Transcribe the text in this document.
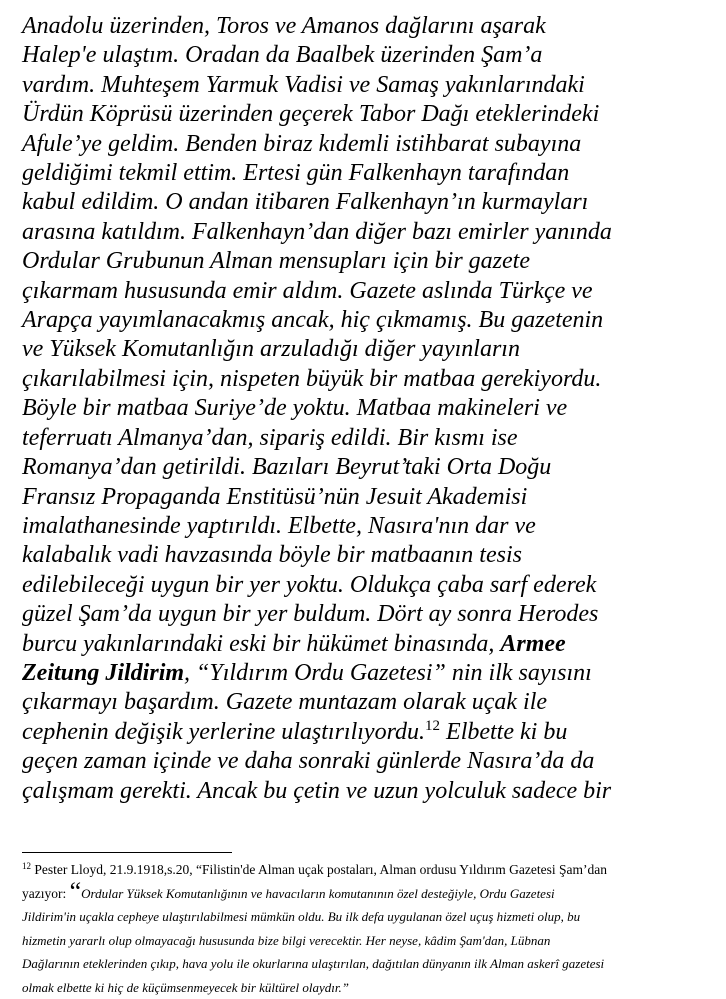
Anadolu üzerinden, Toros ve Amanos dağlarını aşarak
Halep'e ulaştım. Oradan da Baalbek üzerinden Şam’a
vardım. Muhteşem Yarmuk Vadisi ve Samaş yakınlarındaki
Ürdün Köprüsü üzerinden geçerek Tabor Dağı eteklerindeki
Afule’ye geldim. Benden biraz kıdemli istihbarat subayına
geldiğimi tekmil ettim. Ertesi gün Falkenhayn tarafından
kabul edildim. O andan itibaren Falkenhayn’ın kurmayları
arasına katıldım. Falkenhayn’dan diğer bazı emirler yanında
Ordular Grubunun Alman mensupları için bir gazete
çıkarmam hususunda emir aldım. Gazete aslında Türkçe ve
Arapça yayımlanacakmış ancak, hiç çıkmamış. Bu gazetenin
ve Yüksek Komutanlığın arzuladığı diğer yayınların
çıkarılabilmesi için, nispeten büyük bir matbaa gerekiyordu.
Böyle bir matbaa Suriye’de yoktu. Matbaa makineleri ve
teferruatı Almanya’dan, sipariş edildi. Bir kısmı ise
Romanya’dan getirildi. Bazıları Beyrut’taki Orta Doğu
Fransız Propaganda Enstitüsü’nün Jesuit Akademisi
imalathanesinde yaptırıldı. Elbette, Nasıra'nın dar ve
kalabalık vadi havzasında böyle bir matbaanın tesis
edilebileceği uygun bir yer yoktu. Oldukça çaba sarf ederek
güzel Şam’da uygun bir yer buldum. Dört ay sonra Herodes
burcu yakınlarındaki eski bir hükümet binasında, Armee
Zeitung Jildirim, “Yıldırım Ordu Gazetesi” nin ilk sayısını
çıkarmayı başardım. Gazete muntazam olarak uçak ile
cephenin değişik yerlerine ulaştırılıyordu.$^{12}$ Elbette ki bu
geçen zaman içinde ve daha sonraki günlerde Nasıra’da da
çalışmam gerekti. Ancak bu çetin ve uzun yolculuk sadece bir
$^{12}$ Pester Lloyd, 21.9.1918,s.20, “Filistin'de Alman uçak postaları, Alman ordusu Yıldırım Gazetesi Şam’dan
yazıyor: “Ordular Yüksek Komutanlığının ve havacıların komutanının özel desteğiyle, Ordu Gazetesi
Jildirim'in uçakla cepheye ulaştırılabilmesi mümkün oldu. Bu ilk defa uygulanan özel uçuş hizmeti olup, bu
hizmetin yararlı olup olmayacağı hususunda bize bilgi verecektir. Her neyse, kâdim Şam'dan, Lübnan
Dağlarının eteklerinden çıkıp, hava yolu ile okurlarına ulaştırılan, dağıtılan dünyanın ilk Alman askerî gazetesi
olmak elbette ki hiç de küçümsenmeyecek bir kültürel olaydır.”
